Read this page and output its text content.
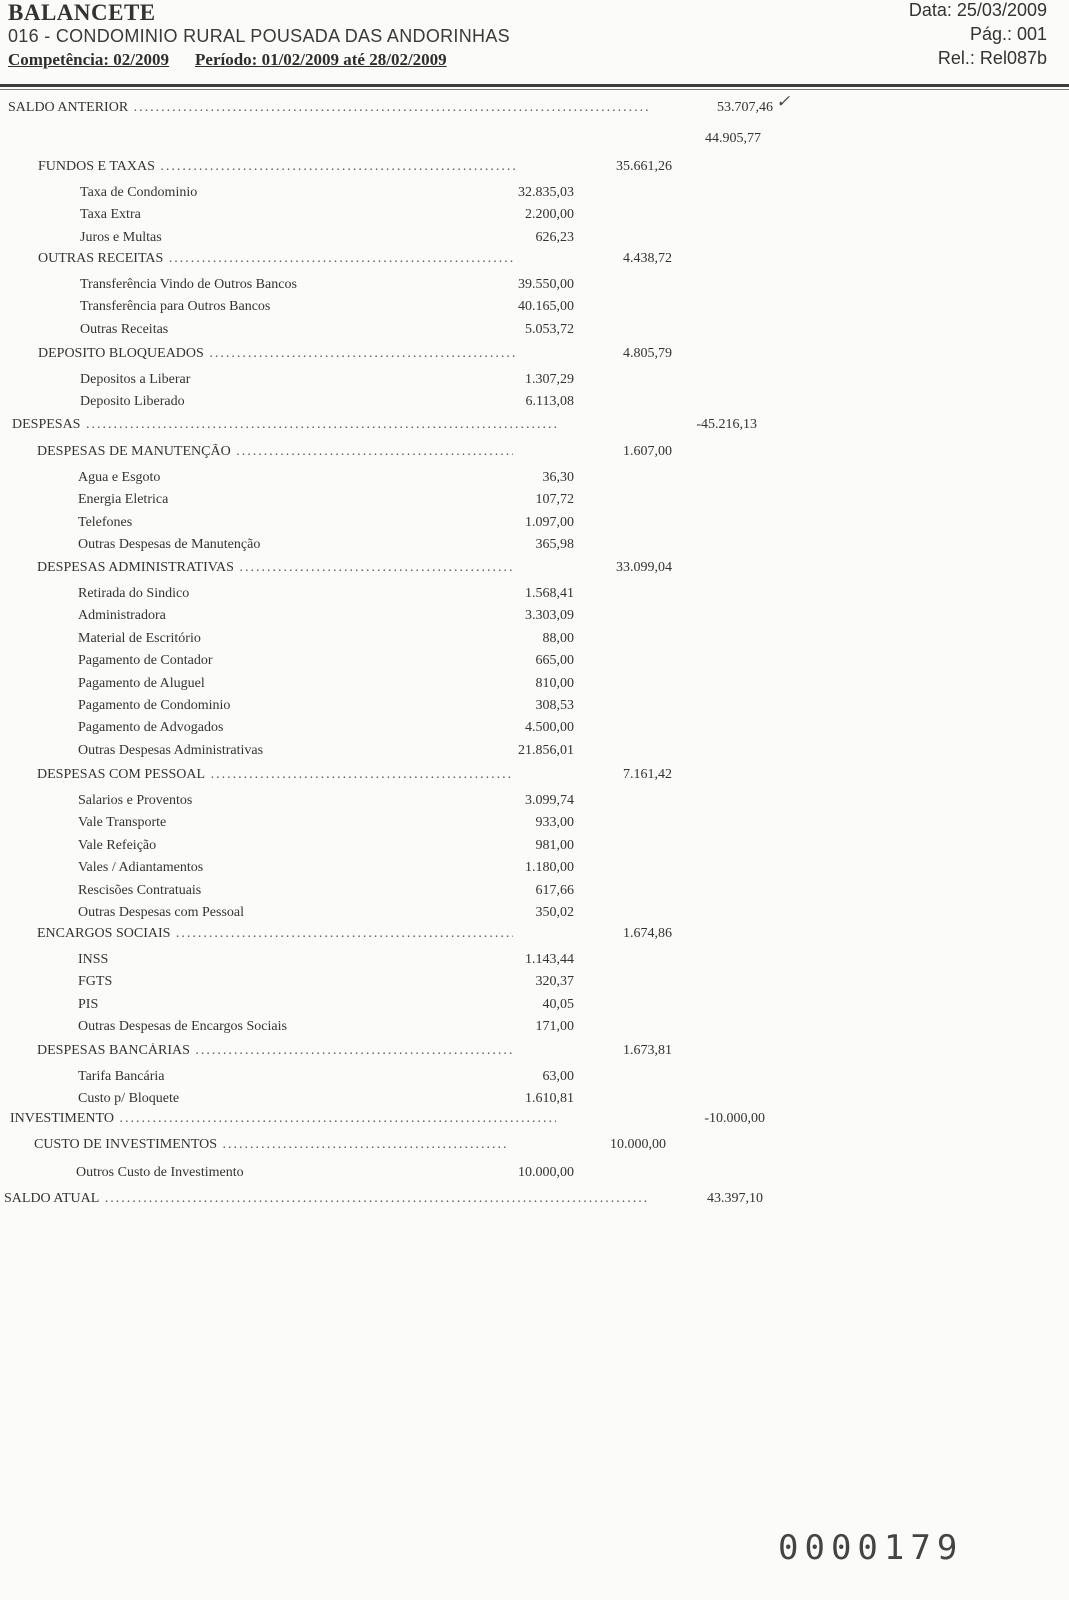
BALANCETE
016 - CONDOMINIO RURAL POUSADA DAS ANDORINHAS
Competência: 02/2009 Período: 01/02/2009 até 28/02/2009
Data: 25/03/2009
Pág.: 001
Rel.: Rel087b
SALDO ANTERIOR .....	53.707,46
44.905,77
FUNDOS E TAXAS .....	35.661,26
Taxa de Condominio	32.835,03
Taxa Extra	2.200,00
Juros e Multas	626,23
OUTRAS RECEITAS .....	4.438,72
Transferência Vindo de Outros Bancos	39.550,00
Transferência para Outros Bancos	40.165,00
Outras Receitas	5.053,72
DEPOSITO BLOQUEADOS .....	4.805,79
Depositos a Liberar	1.307,29
Deposito Liberado	6.113,08
DESPESAS .....	-45.216,13
DESPESAS DE MANUTENÇÃO .....	1.607,00
Agua e Esgoto	36,30
Energia Eletrica	107,72
Telefones	1.097,00
Outras Despesas de Manutenção	365,98
DESPESAS ADMINISTRATIVAS .....	33.099,04
Retirada do Sindico	1.568,41
Administradora	3.303,09
Material de Escritório	88,00
Pagamento de Contador	665,00
Pagamento de Aluguel	810,00
Pagamento de Condominio	308,53
Pagamento de Advogados	4.500,00
Outras Despesas Administrativas	21.856,01
DESPESAS COM PESSOAL .....	7.161,42
Salarios e Proventos	3.099,74
Vale Transporte	933,00
Vale Refeição	981,00
Vales / Adiantamentos	1.180,00
Rescisões Contratuais	617,66
Outras Despesas com Pessoal	350,02
ENCARGOS SOCIAIS .....	1.674,86
INSS	1.143,44
FGTS	320,37
PIS	40,05
Outras Despesas de Encargos Sociais	171,00
DESPESAS BANCÁRIAS .....	1.673,81
Tarifa Bancária	63,00
Custo p/ Bloquete	1.610,81
INVESTIMENTO .....	-10.000,00
CUSTO DE INVESTIMENTOS .....	10.000,00
Outros Custo de Investimento	10.000,00
SALDO ATUAL .....	43.397,10
✓
0000179
